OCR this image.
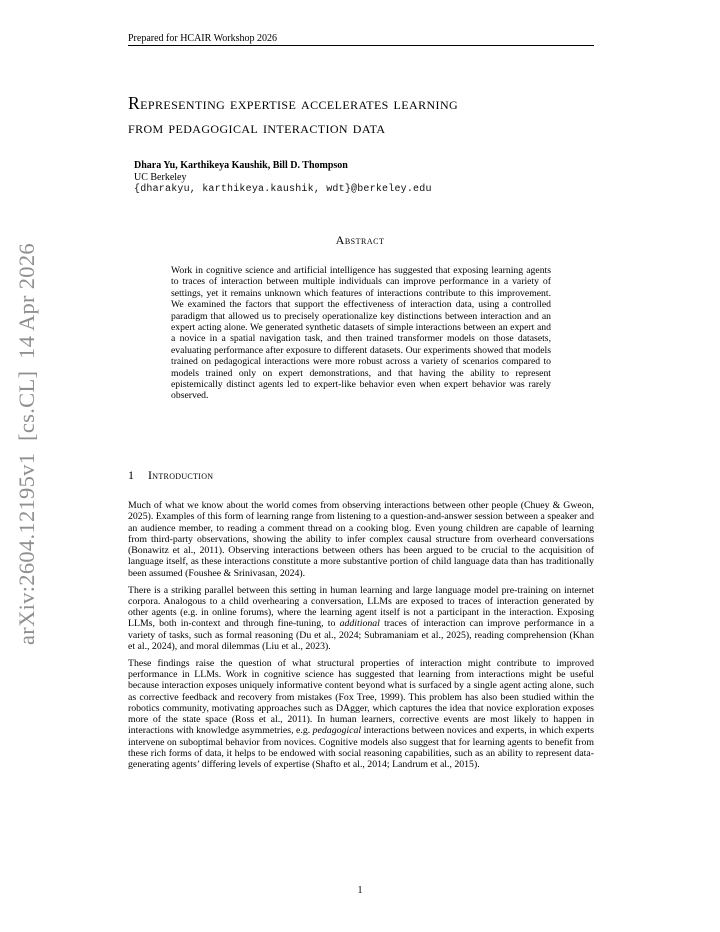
Prepared for HCAIR Workshop 2026
Representing expertise accelerates learning
from pedagogical interaction data
Dhara Yu, Karthikeya Kaushik, Bill D. Thompson
UC Berkeley
{dharakyu, karthikeya.kaushik, wdt}@berkeley.edu
Abstract
Work in cognitive science and artificial intelligence has suggested that exposing learning agents to traces of interaction between multiple individuals can improve performance in a variety of settings, yet it remains unknown which features of interactions contribute to this improvement. We examined the factors that support the effectiveness of interaction data, using a controlled paradigm that allowed us to precisely operationalize key distinctions between interaction and an expert acting alone. We generated synthetic datasets of simple interactions between an expert and a novice in a spatial navigation task, and then trained transformer models on those datasets, evaluating performance after exposure to different datasets. Our experiments showed that models trained on pedagogical interactions were more robust across a variety of scenarios compared to models trained only on expert demonstrations, and that having the ability to represent epistemically distinct agents led to expert-like behavior even when expert behavior was rarely observed.
arXiv:2604.12195v1  [cs.CL]  14 Apr 2026	1 Introduction

Much of what we know about the world comes from observing interactions between other people (Chuey & Gweon, 2025). Examples of this form of learning range from listening to a question-and-answer session between a speaker and an audience member, to reading a comment thread on a cooking blog. Even young children are capable of learning from third-party observations, showing the ability to infer complex causal structure from overheard conversations (Bonawitz et al., 2011). Observing interactions between others has been argued to be crucial to the acquisition of language itself, as these interactions constitute a more substantive portion of child language data than has traditionally been assumed (Foushee & Srinivasan, 2024).

There is a striking parallel between this setting in human learning and large language model pre-training on internet corpora. Analogous to a child overhearing a conversation, LLMs are exposed to traces of interaction generated by other agents (e.g. in online forums), where the learning agent itself is not a participant in the interaction. Exposing LLMs, both in-context and through fine-tuning, to additional traces of interaction can improve performance in a variety of tasks, such as formal reasoning (Du et al., 2024; Subramaniam et al., 2025), reading comprehension (Khan et al., 2024), and moral dilemmas (Liu et al., 2023).

These findings raise the question of what structural properties of interaction might contribute to improved performance in LLMs. Work in cognitive science has suggested that learning from interactions might be useful because interaction exposes uniquely informative content beyond what is surfaced by a single agent acting alone, such as corrective feedback and recovery from mistakes (Fox Tree, 1999). This problem has also been studied within the robotics community, motivating approaches such as DAgger, which captures the idea that novice exploration exposes more of the state space (Ross et al., 2011). In human learners, corrective events are most likely to happen in interactions with knowledge asymmetries, e.g. pedagogical interactions between novices and experts, in which experts intervene on suboptimal behavior from novices. Cognitive models also suggest that for learning agents to benefit from these rich forms of data, it helps to be endowed with social reasoning capabilities, such as an ability to represent data-generating agents’ differing levels of expertise (Shafto et al., 2014; Landrum et al., 2015).

1
